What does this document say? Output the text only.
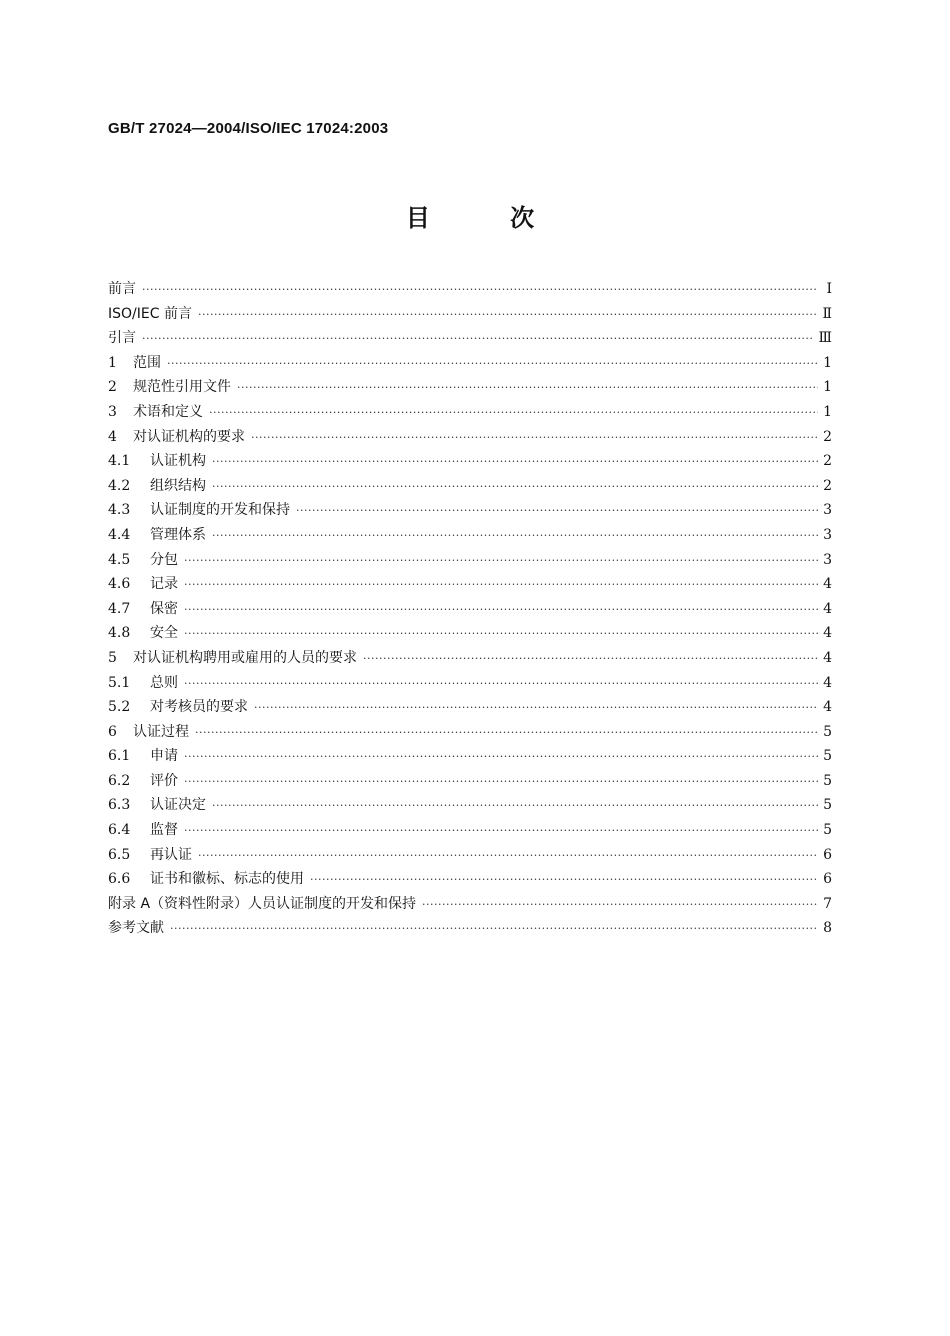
GB/T 27024—2004/ISO/IEC 17024:2003
目 次
前言 ·····	Ⅰ
ISO/IEC 前言 ·····	Ⅱ
引言 ·····	Ⅲ
1	范围 ·····	1
2	规范性引用文件 ·····	1
3	术语和定义 ·····	1
4	对认证机构的要求 ·····	2
4.1	认证机构 ·····	2
4.2	组织结构 ·····	2
4.3	认证制度的开发和保持 ·····	3
4.4	管理体系 ·····	3
4.5	分包 ·····	3
4.6	记录 ·····	4
4.7	保密 ·····	4
4.8	安全 ·····	4
5	对认证机构聘用或雇用的人员的要求 ·····	4
5.1	总则 ·····	4
5.2	对考核员的要求 ·····	4
6	认证过程 ·····	5
6.1	申请 ·····	5
6.2	评价 ·····	5
6.3	认证决定 ·····	5
6.4	监督 ·····	5
6.5	再认证 ·····	6
6.6	证书和徽标、标志的使用 ·····	6
附录 A（资料性附录）人员认证制度的开发和保持 ·····	7
参考文献 ·····	8
